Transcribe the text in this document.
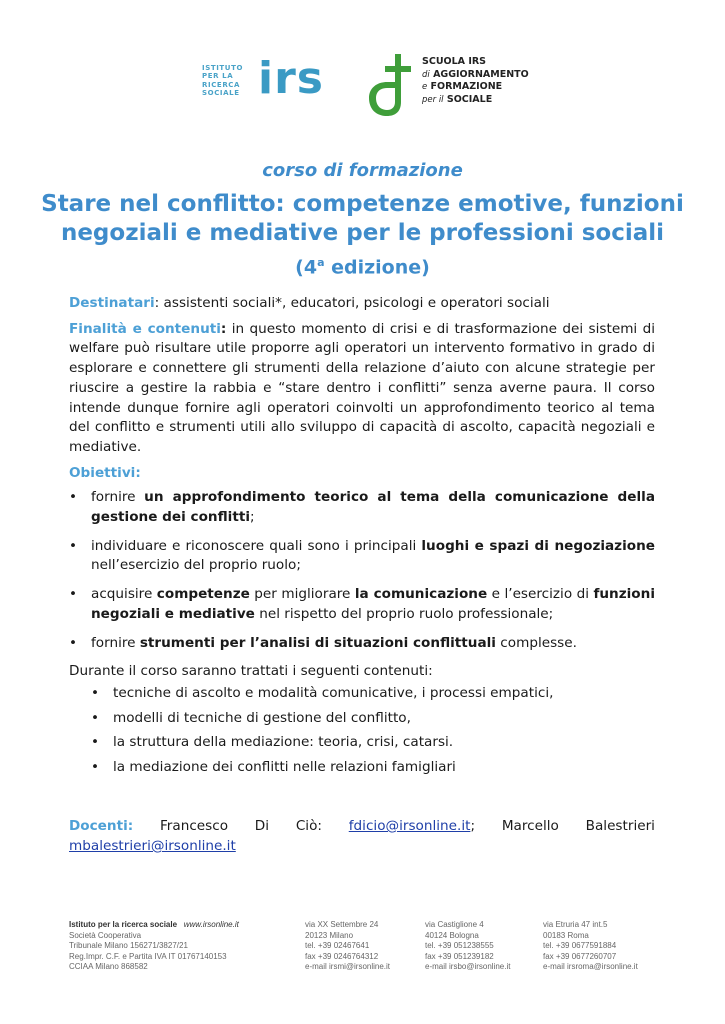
ISTITUTO
PER LA
RICERCA
SOCIALE irs	SCUOLA IRS
di AGGIORNAMENTO
e FORMAZIONE
per il SOCIALE
corso di formazione
Stare nel conflitto: competenze emotive, funzioni negoziali e mediative per le professioni sociali
(4$^a$ edizione)

Destinatari: assistenti sociali*, educatori, psicologi e operatori sociali

Finalità e contenuti: in questo momento di crisi e di trasformazione dei sistemi di welfare può risultare utile proporre agli operatori un intervento formativo in grado di esplorare e connettere gli strumenti della relazione d’aiuto con alcune strategie per riuscire a gestire la rabbia e “stare dentro i conflitti” senza averne paura. Il corso intende dunque fornire agli operatori coinvolti un approfondimento teorico al tema del conflitto e strumenti utili allo sviluppo di capacità di ascolto, capacità negoziali e mediative.

Obiettivi:

• fornire un approfondimento teorico al tema della comunicazione della gestione dei conflitti;
• individuare e riconoscere quali sono i principali luoghi e spazi di negoziazione nell’esercizio del proprio ruolo;
• acquisire competenze per migliorare la comunicazione e l’esercizio di funzioni negoziali e mediative nel rispetto del proprio ruolo professionale;
• fornire strumenti per l’analisi di situazioni conflittuali complesse.

Durante il corso saranno trattati i seguenti contenuti:

• tecniche di ascolto e modalità comunicative, i processi empatici,
• modelli di tecniche di gestione del conflitto,
• la struttura della mediazione: teoria, crisi, catarsi.
• la mediazione dei conflitti nelle relazioni famigliari
Docenti: Francesco Di Ciò: fdicio@irsonline.it; Marcello Balestrieri
mbalestrieri@irsonline.it
Istituto per la ricerca sociale www.irsonline.it
Società Cooperativa
Tribunale Milano 156271/3827/21
Reg.Impr. C.F. e Partita IVA IT 01767140153
CCIAA Milano 868582
via XX Settembre 24
20123 Milano
tel. +39 02467641
fax +39 0246764312
e-mail irsmi@irsonline.it
via Castiglione 4
40124 Bologna
tel. +39 051238555
fax +39 051239182
e-mail irsbo@irsonline.it
via Etruria 47 int.5
00183 Roma
tel. +39 0677591884
fax +39 0677260707
e-mail irsroma@irsonline.it
